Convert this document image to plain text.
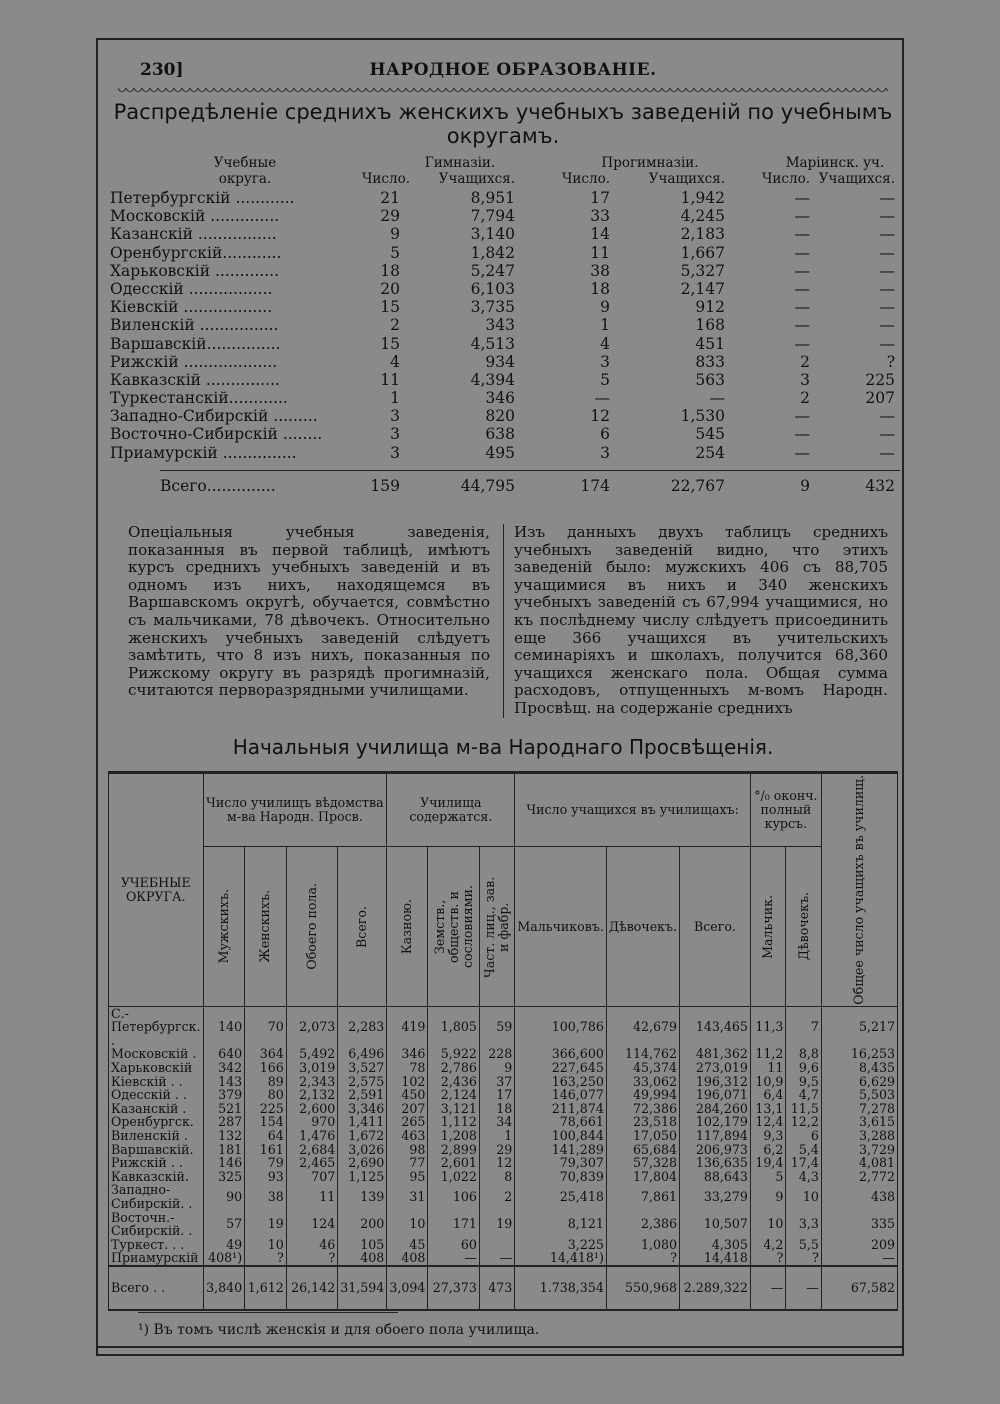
230]	НАРОДНОЕ ОБРАЗОВАНIЕ.
Распредѣленiе среднихъ женскихъ учебныхъ заведенiй по учебнымъ округамъ.
Учебные округа.
Гимназiи.	Прогимназiи.	Марiинск. уч.
Число.	Учащихся.	Число.	Учащихся.	Число. Учащихся.
Петербургскiй ............	21	8,951	17	1,942	—	—
Московскiй ..............	29	7,794	33	4,245	—	—
Казанскiй ................	9	3,140	14	2,183	—	—
Оренбургскiй............	5	1,842	11	1,667	—	—
Харьковскiй .............	18	5,247	38	5,327	—	—
Одесскiй .................	20	6,103	18	2,147	—	—
Кiевскiй ..................	15	3,735	9	912	—	—
Виленскiй ................	2	343	1	168	—	—
Варшавскiй...............	15	4,513	4	451	—	—
Рижскiй ...................	4	934	3	833	2	?
Кавказскiй ...............	11	4,394	5	563	3	225
Туркестанскiй............	1	346	—	—	2	207
Западно-Сибирскiй .........	3	820	12	1,530	—	—
Восточно-Сибирскiй ........	3	638	6	545	—	—
Приамурскiй ...............	3	495	3	254	—	—
Всего..............	159	44,795	174	22,767	9	432
Опецiальныя учебныя заведенiя, показанныя въ первой таблицѣ, имѣютъ курсъ среднихъ учебныхъ заведенiй и въ одномъ изъ нихъ, находящемся въ Варшавскомъ округѣ, обучается, совмѣстно съ мальчиками, 78 дѣвочекъ. Относительно женскихъ учебныхъ заведенiй слѣдуетъ замѣтить, что 8 изъ нихъ, показанныя по Рижскому округу въ разрядѣ прогимназiй, считаются перворазрядными училищами.
Изъ данныхъ двухъ таблицъ среднихъ учебныхъ заведенiй видно, что этихъ заведенiй было: мужскихъ 406 съ 88,705 учащимися въ нихъ и 340 женскихъ учебныхъ заведенiй съ 67,994 учащимися, но къ послѣднему числу слѣдуетъ присоединить еще 366 учащихся въ учительскихъ семинарiяхъ и школахъ, получится 68,360 учащихся женскаго пола. Общая сумма расходовъ, отпущенныхъ м-вомъ Народн. Просвѣщ. на содержанiе среднихъ
Начальныя училища м-ва Народнаго Просвѣщенiя.
УЧЕБНЫЕ ОКРУГА.	Число училищъ вѣдомства м-ва Народн. Просв.				Училища содержатся.			Число учащихся въ училищахъ:			°/₀ оконч. полный курсъ.		Общее число учащихъ въ училищ.

	Мужскихъ.	Женскихъ.	Обоего пола.	Всего.	Казною.	Земств., обществ. и сословиями.	Част. лиц., зав. и фабр.	Мальчиковъ.	Дѣвочекъ.	Всего.	Мальчик.	Дѣвочекъ.	

С.-Петербургск. .	140	70	2,073	2,283	419	1,805	59	100,786	42,679	143,465	11,3	7	5,217
Московскiй .	640	364	5,492	6,496	346	5,922	228	366,600	114,762	481,362	11,2	8,8	16,253
Харьковскiй	342	166	3,019	3,527	78	2,786	9	227,645	45,374	273,019	11	9,6	8,435
Кiевскiй . .	143	89	2,343	2,575	102	2,436	37	163,250	33,062	196,312	10,9	9,5	6,629
Одесскiй . .	379	80	2,132	2,591	450	2,124	17	146,077	49,994	196,071	6,4	4,7	5,503
Казанскiй .	521	225	2,600	3,346	207	3,121	18	211,874	72,386	284,260	13,1	11,5	7,278
Оренбургск.	287	154	970	1,411	265	1,112	34	78,661	23,518	102,179	12,4	12,2	3,615
Виленскiй .	132	64	1,476	1,672	463	1,208	1	100,844	17,050	117,894	9,3	6	3,288
Варшавскiй.	181	161	2,684	3,026	98	2,899	29	141,289	65,684	206,973	6,2	5,4	3,729
Рижскiй . .	146	79	2,465	2,690	77	2,601	12	79,307	57,328	136,635	19,4	17,4	4,081
Кавказскiй.	325	93	707	1,125	95	1,022	8	70,839	17,804	88,643	5	4,3	2,772
Западно-Сибирскiй. .	90	38	11	139	31	106	2	25,418	7,861	33,279	9	10	438
Восточн.-Сибирскiй. .	57	19	124	200	10	171	19	8,121	2,386	10,507	10	3,3	335
Туркест. . .	49	10	46	105	45	60		3,225	1,080	4,305	4,2	5,5	209
Приамурскiй	408¹)	?	?	408	408	—	—	14,418¹)	?	14,418	?	?	—
Всего . .	3,840	1,612	26,142	31,594	3,094	27,373	473	1.738,354	550,968	2.289,322	—	—	67,582
¹) Въ томъ числѣ женскiя и для обоего пола училища.
